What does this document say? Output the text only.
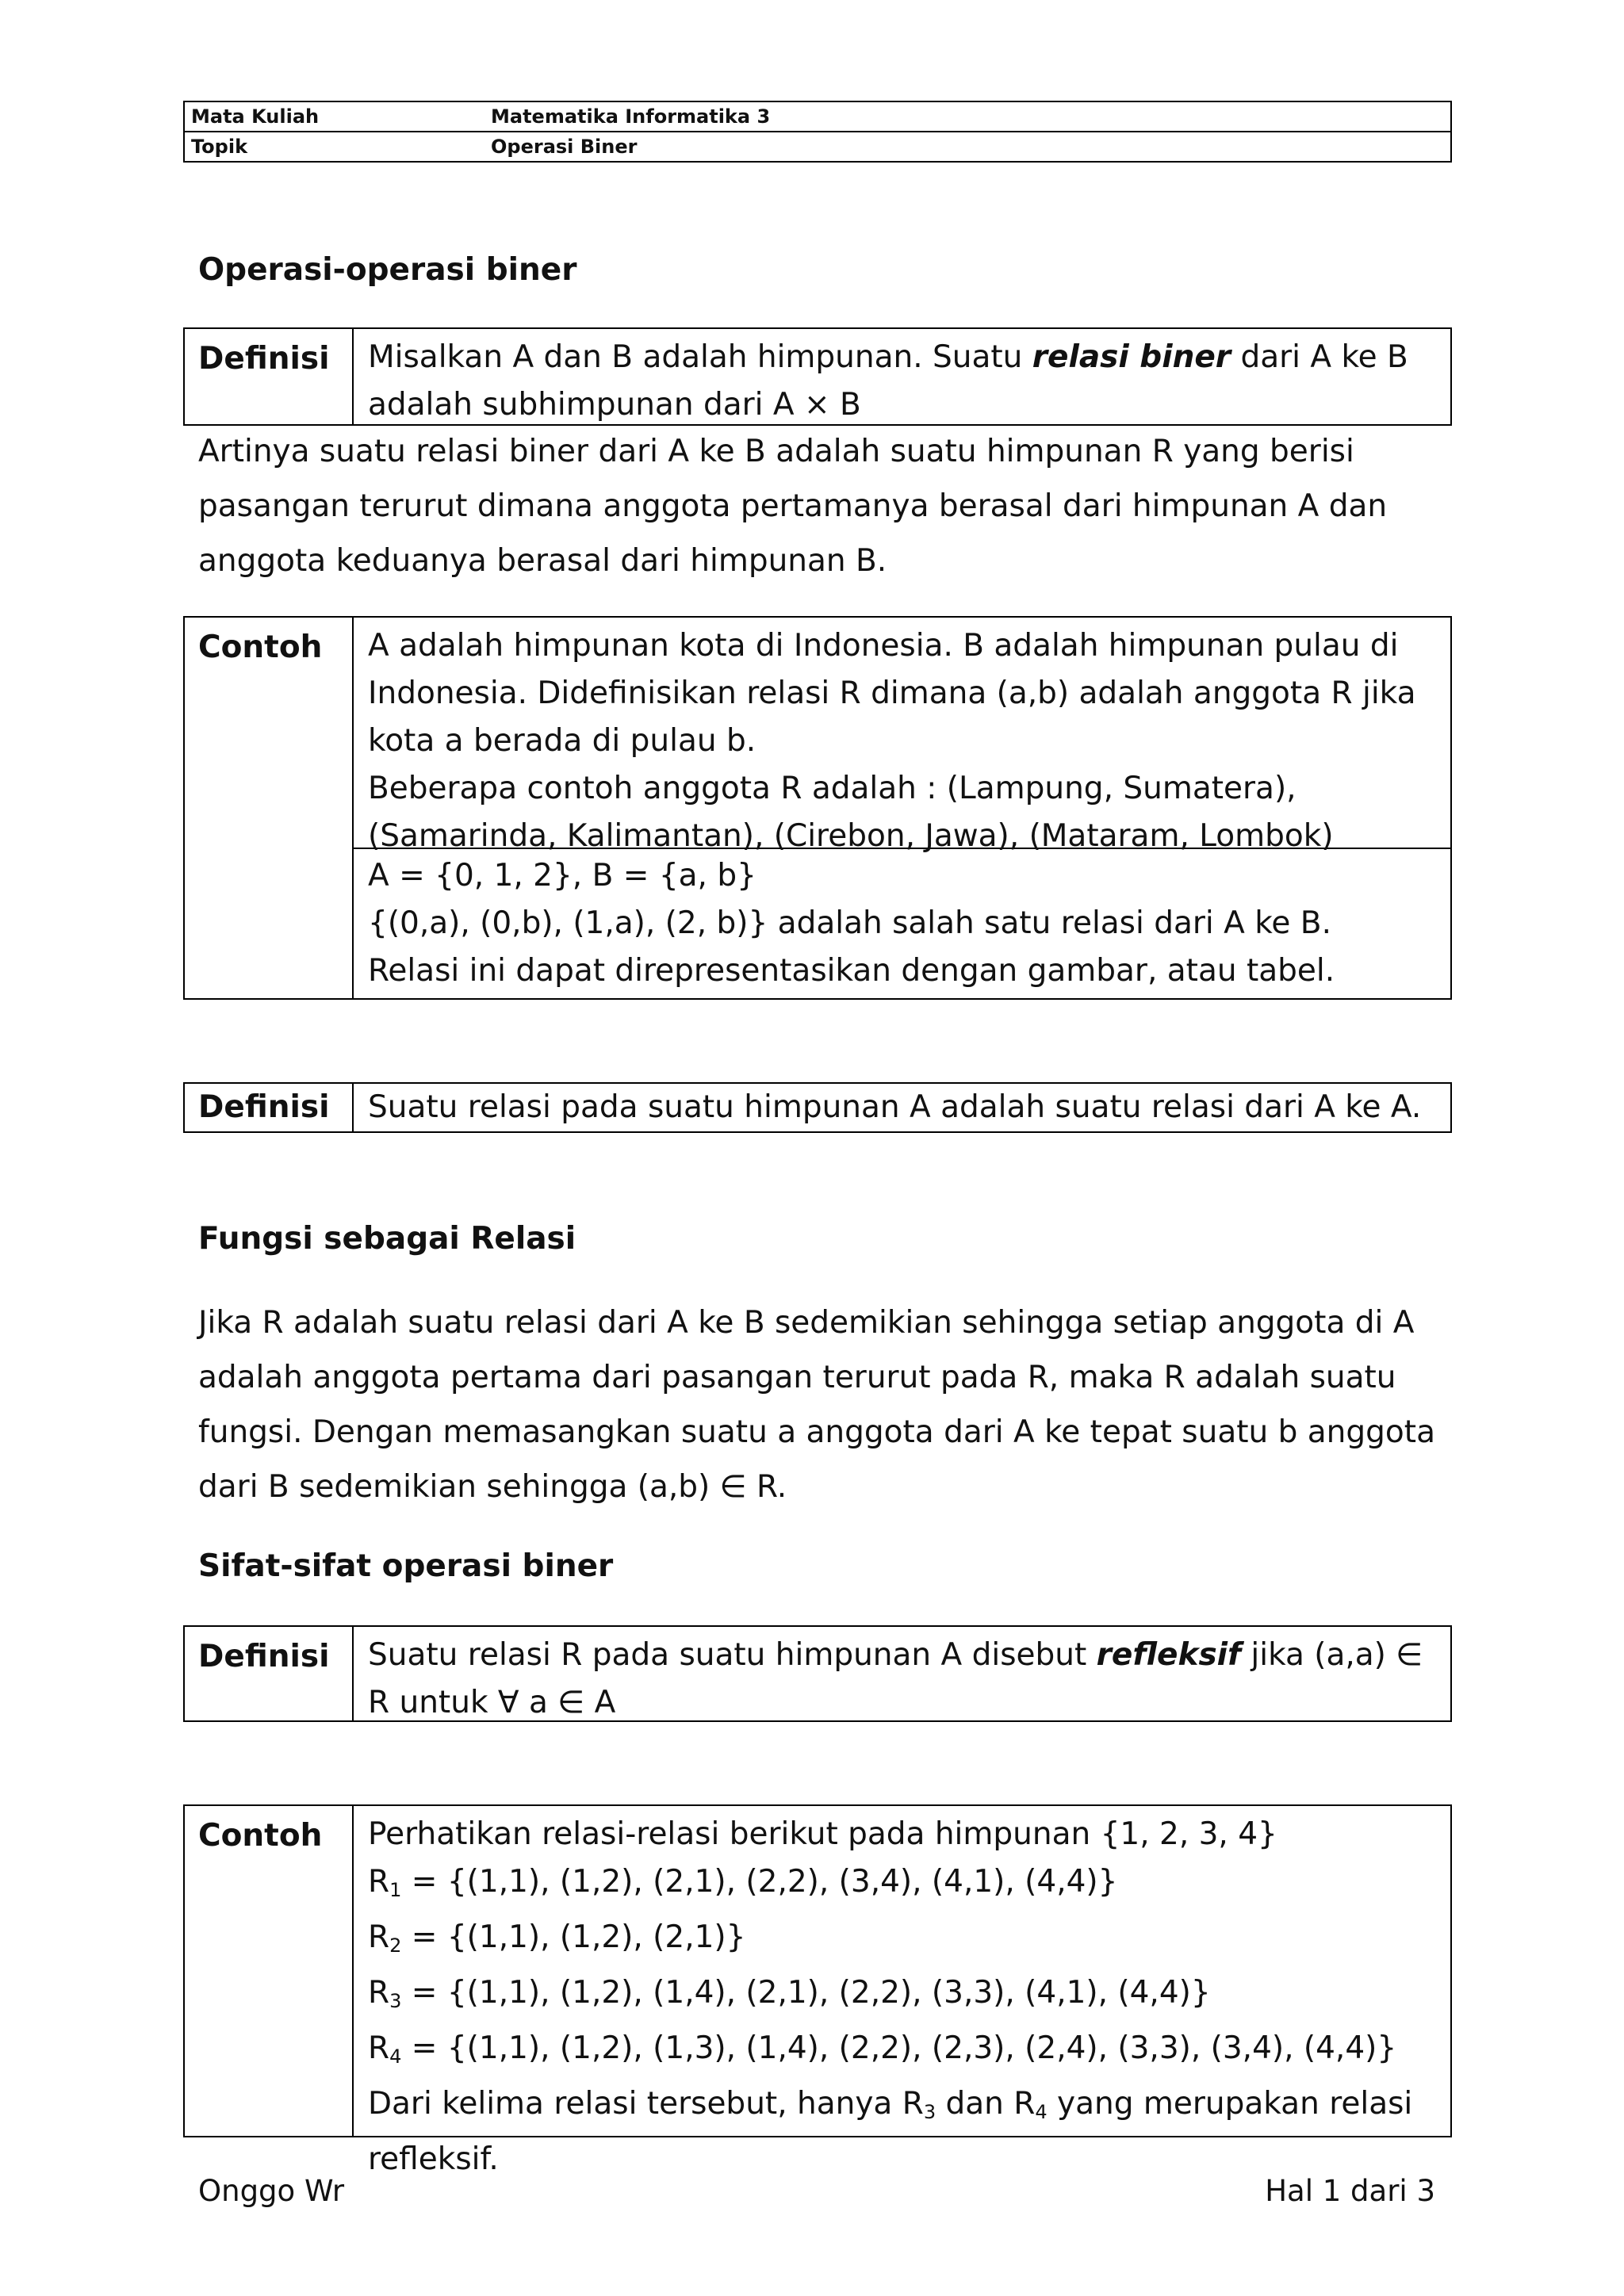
Mata Kuliah	Matematika Informatika 3
Topik	Operasi Biner
Operasi-operasi biner
Definisi	Misalkan A dan B adalah himpunan. Suatu relasi biner dari A ke B adalah subhimpunan dari A × B

Artinya suatu relasi biner dari A ke B adalah suatu himpunan R yang berisi pasangan terurut dimana anggota pertamanya berasal dari himpunan A dan anggota keduanya berasal dari himpunan B.

Contoh	A adalah himpunan kota di Indonesia. B adalah himpunan pulau di Indonesia. Didefinisikan relasi R dimana (a,b) adalah anggota R jika kota a berada di pulau b.

Beberapa contoh anggota R adalah : (Lampung, Sumatera), (Samarinda, Kalimantan), (Cirebon, Jawa), (Mataram, Lombok)

A = {0, 1, 2}, B = {a, b}

{(0,a), (0,b), (1,a), (2, b)} adalah salah satu relasi dari A ke B.

Relasi ini dapat direpresentasikan dengan gambar, atau tabel.

Definisi	Suatu relasi pada suatu himpunan A adalah suatu relasi dari A ke A.
Fungsi sebagai Relasi

Jika R adalah suatu relasi dari A ke B sedemikian sehingga setiap anggota di A adalah anggota pertama dari pasangan terurut pada R, maka R adalah suatu fungsi. Dengan memasangkan suatu a anggota dari A ke tepat suatu b anggota dari B sedemikian sehingga (a,b) ∈ R.

Sifat-sifat operasi biner
Definisi	Suatu relasi R pada suatu himpunan A disebut refleksif jika (a,a) ∈ R untuk ∀ a ∈ A
Contoh	Perhatikan relasi-relasi berikut pada himpunan {1, 2, 3, 4}

$R_1 = \{(1,1)$, (1,2), (2,1), (2,2), (3,4), (4,1), (4,4)}

$R_2 = \{(1,1)$, (1,2), (2,1)}

$R_3 = \{(1,1)$, (1,2), (1,4), (2,1), (2,2), (3,3), (4,1), (4,4)}

$R_4 = \{(1,1)$, (1,2), (1,3), (1,4), (2,2), (2,3), (2,4), (3,3), (3,4), (4,4)}

Dari kelima relasi tersebut, hanya $R_3$ dan $R_4$ yang merupakan relasi refleksif.

Onggo Wr	Hal 1 dari 3
